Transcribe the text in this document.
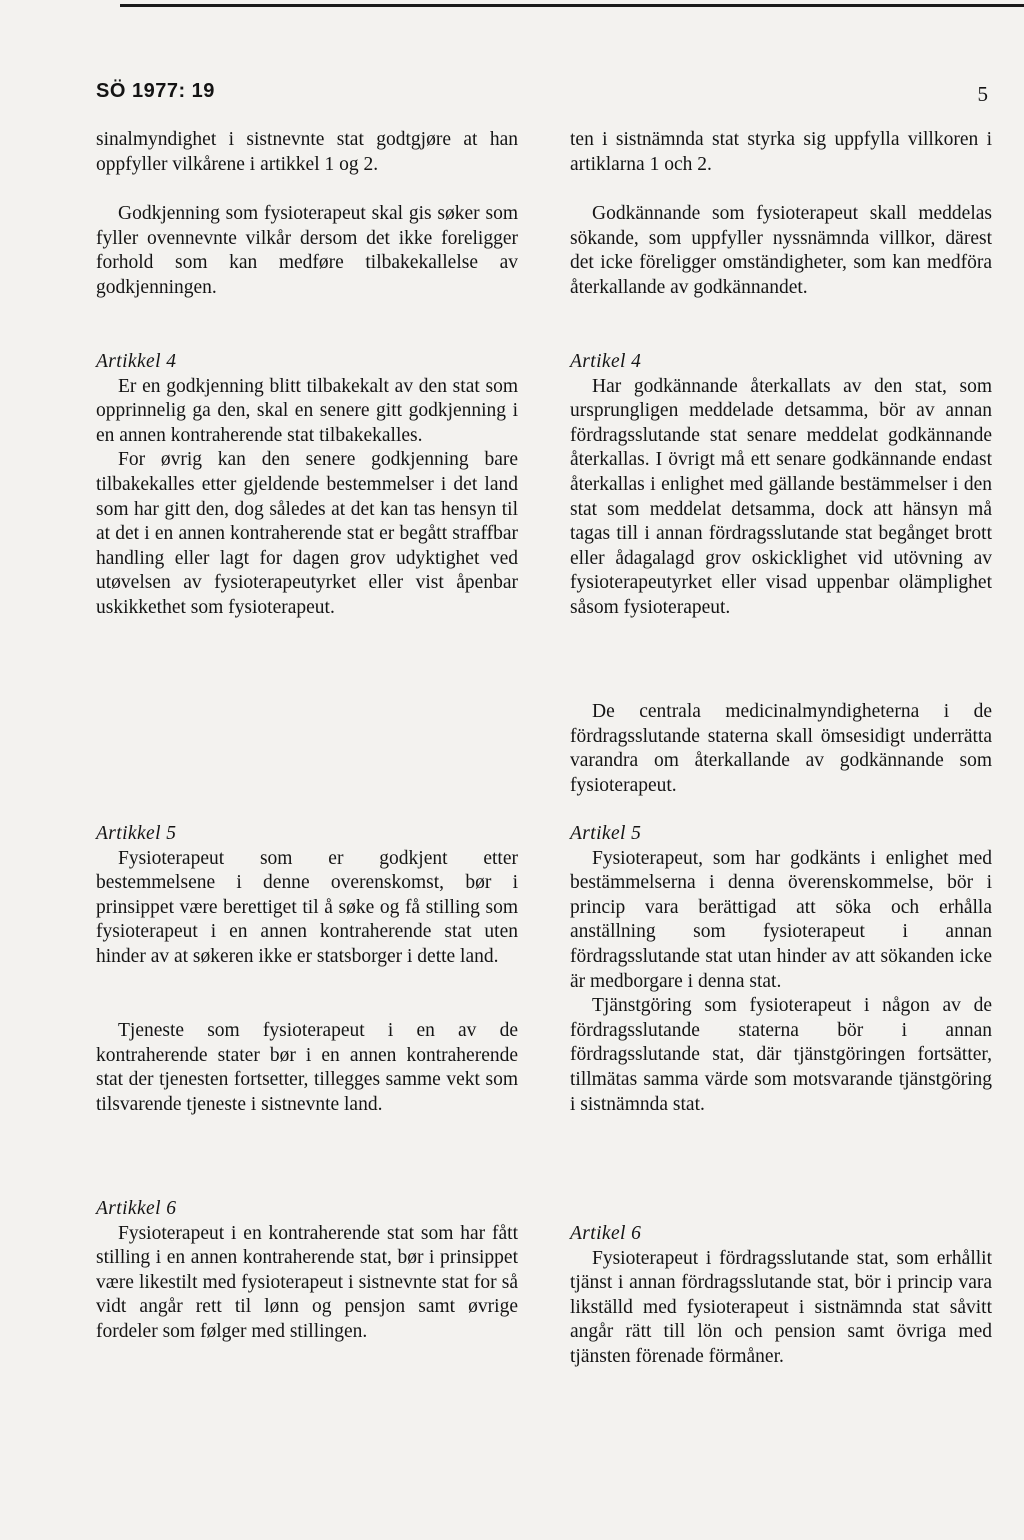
SÖ 1977: 19	5

sinalmyndighet i sistnevnte stat godtgjøre at han oppfyller vilkårene i artikkel 1 og 2.

Godkjenning som fysioterapeut skal gis søker som fyller ovennevnte vilkår dersom det ikke foreligger forhold som kan medføre tilbakekallelse av godkjenningen.

Artikkel 4

Er en godkjenning blitt tilbakekalt av den stat som opprinnelig ga den, skal en senere gitt godkjenning i en annen kontraherende stat tilbakekalles.

For øvrig kan den senere godkjenning bare tilbakekalles etter gjeldende bestemmelser i det land som har gitt den, dog således at det kan tas hensyn til at det i en annen kontraherende stat er begått straffbar handling eller lagt for dagen grov udyktighet ved utøvelsen av fysioterapeutyrket eller vist åpenbar uskikkethet som fysioterapeut.

Artikkel 5

Fysioterapeut som er godkjent etter bestemmelsene i denne overenskomst, bør i prinsippet være berettiget til å søke og få stilling som fysioterapeut i en annen kontraherende stat uten hinder av at søkeren ikke er statsborger i dette land.

Tjeneste som fysioterapeut i en av de kontraherende stater bør i en annen kontraherende stat der tjenesten fortsetter, tillegges samme vekt som tilsvarende tjeneste i sistnevnte land.

Artikkel 6

Fysioterapeut i en kontraherende stat som har fått stilling i en annen kontraherende stat, bør i prinsippet være likestilt med fysioterapeut i sistnevnte stat for så vidt angår rett til lønn og pensjon samt øvrige fordeler som følger med stillingen.

ten i sistnämnda stat styrka sig uppfylla villkoren i artiklarna 1 och 2.

Godkännande som fysioterapeut skall meddelas sökande, som uppfyller nyssnämnda villkor, därest det icke föreligger omständigheter, som kan medföra återkallande av godkännandet.

Artikel 4

Har godkännande återkallats av den stat, som ursprungligen meddelade detsamma, bör av annan fördragsslutande stat senare meddelat godkännande återkallas. I övrigt må ett senare godkännande endast återkallas i enlighet med gällande bestämmelser i den stat som meddelat detsamma, dock att hänsyn må tagas till i annan fördragsslutande stat begånget brott eller ådagalagd grov oskicklighet vid utövning av fysioterapeutyrket eller visad uppenbar olämplighet såsom fysioterapeut.

De centrala medicinalmyndigheterna i de fördragsslutande staterna skall ömsesidigt underrätta varandra om återkallande av godkännande som fysioterapeut.

Artikel 5

Fysioterapeut, som har godkänts i enlighet med bestämmelserna i denna överenskommelse, bör i princip vara berättigad att söka och erhålla anställning som fysioterapeut i annan fördragsslutande stat utan hinder av att sökanden icke är medborgare i denna stat.

Tjänstgöring som fysioterapeut i någon av de fördragsslutande staterna bör i annan fördragsslutande stat, där tjänstgöringen fortsätter, tillmätas samma värde som motsvarande tjänstgöring i sistnämnda stat.

Artikel 6

Fysioterapeut i fördragsslutande stat, som erhållit tjänst i annan fördragsslutande stat, bör i princip vara likställd med fysioterapeut i sistnämnda stat såvitt angår rätt till lön och pension samt övriga med tjänsten förenade förmåner.
